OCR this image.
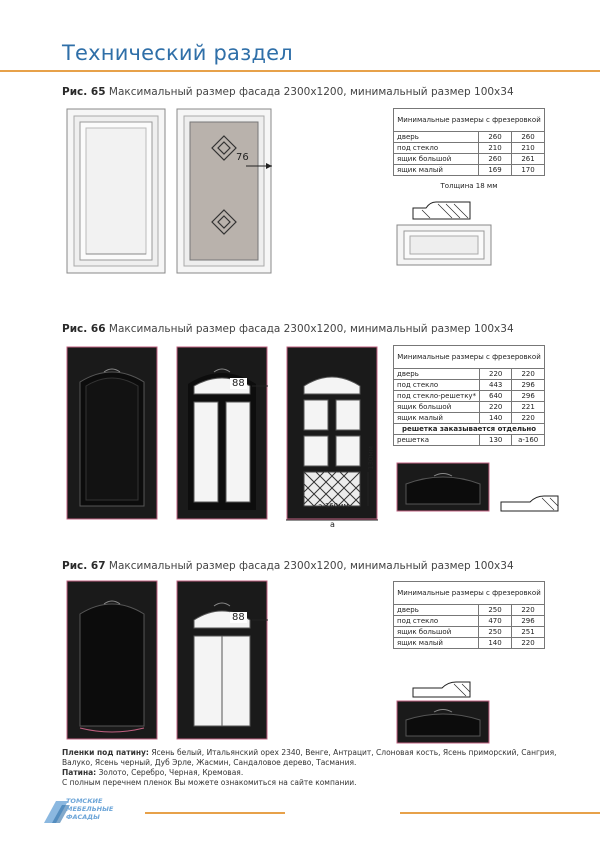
Технический раздел
Рис. 65 Максимальный размер фасада 2300x1200, минимальный размер 100x34
76
Минимальные размеры с фрезеровкой		
дверь	260	260
под стекло	210	210
ящик большой	260	261
ящик малый	169	170
Толщина 18 мм
Рис. 66 Максимальный размер фасада 2300x1200, минимальный размер 100x34
88
130мм
a-160мм
a
Минимальные размеры с фрезеровкой		
дверь	220	220
под стекло	443	296
под стекло-решетку*	640	296
ящик большой	220	221
ящик малый	140	220
решетка заказывается отдельно		
решетка	130	a-160
Рис. 67 Максимальный размер фасада 2300x1200, минимальный размер 100x34
88
Минимальные размеры с фрезеровкой		
дверь	250	220
под стекло	470	296
ящик большой	250	251
ящик малый	140	220
Пленки под патину: Ясень белый, Итальянский орех 2340, Венге, Антрацит, Слоновая кость, Ясень приморский, Сангрия, Валуко, Ясень черный, Дуб Эрле, Жасмин, Сандаловое дерево, Тасмания.
Патина: Золото, Серебро, Черная, Кремовая.
С полным перечнем пленок Вы можете ознакомиться на сайте компании.
ТОМСКИЕ
МЕБЕЛЬНЫЕ
ФАСАДЫ
